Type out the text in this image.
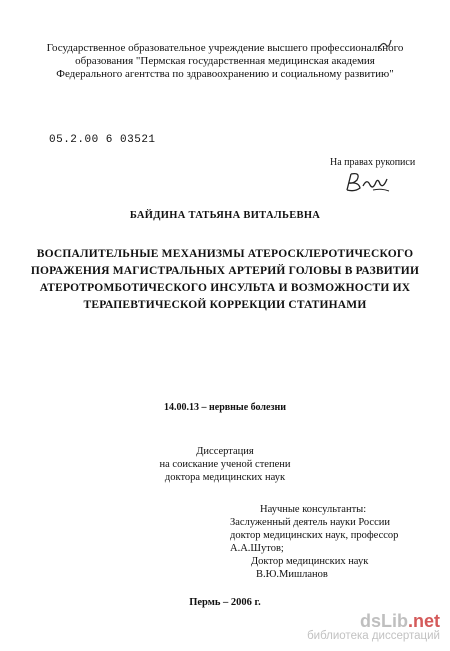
Государственное образовательное учреждение высшего профессионального
образования "Пермская государственная медицинская академия
Федерального агентства по здравоохранению и социальному развитию"
05.2.00 6 03521
На правах рукописи
БАЙДИНА ТАТЬЯНА ВИТАЛЬЕВНА
ВОСПАЛИТЕЛЬНЫЕ МЕХАНИЗМЫ АТЕРОСКЛЕРОТИЧЕСКОГО
ПОРАЖЕНИЯ МАГИСТРАЛЬНЫХ АРТЕРИЙ ГОЛОВЫ В РАЗВИТИИ
АТЕРОТРОМБОТИЧЕСКОГО ИНСУЛЬТА И ВОЗМОЖНОСТИ ИХ
ТЕРАПЕВТИЧЕСКОЙ КОРРЕКЦИИ СТАТИНАМИ
14.00.13 – нервные болезни
Диссертация
на соискание ученой степени
доктора медицинских наук
Научные консультанты:
Заслуженный деятель науки России
доктор медицинских наук, профессор
А.А.Шутов;
Доктор медицинских наук
В.Ю.Мишланов
Пермь – 2006 г.
dsLib.net
библиотека диссертаций
